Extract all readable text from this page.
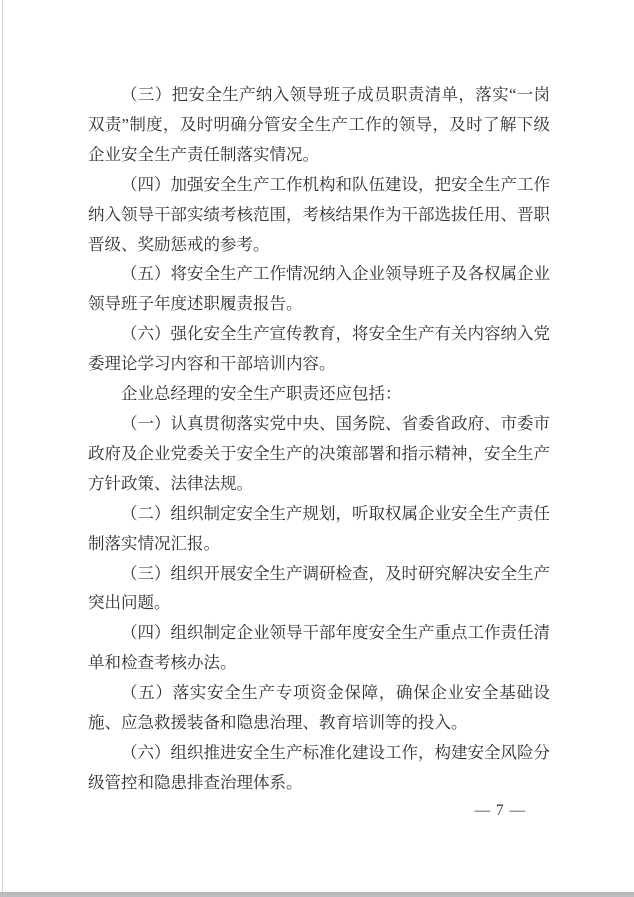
（三）把安全生产纳入领导班子成员职责清单，落实“一岗双责”制度，及时明确分管安全生产工作的领导，及时了解下级企业安全生产责任制落实情况。

（四）加强安全生产工作机构和队伍建设，把安全生产工作纳入领导干部实绩考核范围，考核结果作为干部选拔任用、晋职晋级、奖励惩戒的参考。

（五）将安全生产工作情况纳入企业领导班子及各权属企业领导班子年度述职履责报告。

（六）强化安全生产宣传教育，将安全生产有关内容纳入党委理论学习内容和干部培训内容。

企业总经理的安全生产职责还应包括：

（一）认真贯彻落实党中央、国务院、省委省政府、市委市政府及企业党委关于安全生产的决策部署和指示精神，安全生产方针政策、法律法规。

（二）组织制定安全生产规划，听取权属企业安全生产责任制落实情况汇报。

（三）组织开展安全生产调研检查，及时研究解决安全生产突出问题。

（四）组织制定企业领导干部年度安全生产重点工作责任清单和检查考核办法。

（五）落实安全生产专项资金保障，确保企业安全基础设施、应急救援装备和隐患治理、教育培训等的投入。

（六）组织推进安全生产标准化建设工作，构建安全风险分级管控和隐患排查治理体系。

— 7 —
